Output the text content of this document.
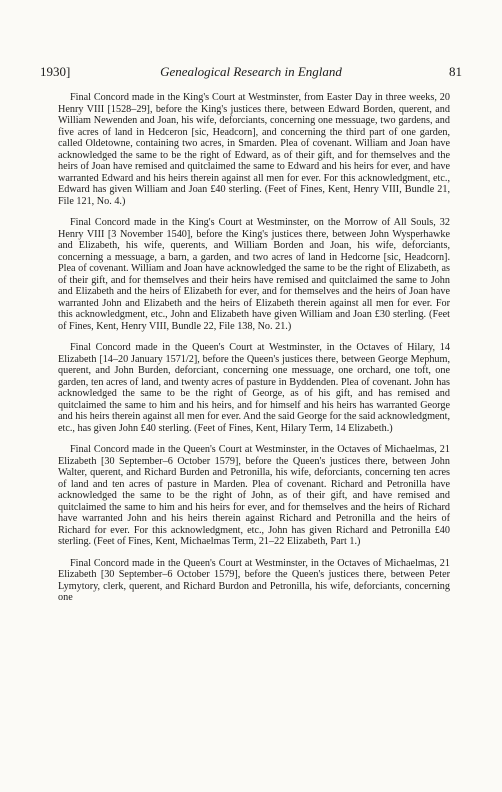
1930]	Genealogical Research in England	81

Final Concord made in the King's Court at Westminster, from Easter Day in three weeks, 20 Henry VIII [1528–29], before the King's justices there, between Edward Borden, querent, and William Newenden and Joan, his wife, deforciants, concerning one messuage, two gardens, and five acres of land in Hedceron [sic, Headcorn], and concerning the third part of one garden, called Oldetowne, containing two acres, in Smarden. Plea of covenant. William and Joan have acknowledged the same to be the right of Edward, as of their gift, and for themselves and the heirs of Joan have remised and quitclaimed the same to Edward and his heirs for ever, and have warranted Edward and his heirs therein against all men for ever. For this acknowledgment, etc., Edward has given William and Joan £40 sterling. (Feet of Fines, Kent, Henry VIII, Bundle 21, File 121, No. 4.)

Final Concord made in the King's Court at Westminster, on the Morrow of All Souls, 32 Henry VIII [3 November 1540], before the King's justices there, between John Wysperhawke and Elizabeth, his wife, querents, and William Borden and Joan, his wife, deforciants, concerning a messuage, a barn, a garden, and two acres of land in Hedcorne [sic, Headcorn]. Plea of covenant. William and Joan have acknowledged the same to be the right of Elizabeth, as of their gift, and for themselves and their heirs have remised and quitclaimed the same to John and Elizabeth and the heirs of Elizabeth for ever, and for themselves and the heirs of Joan have warranted John and Elizabeth and the heirs of Elizabeth therein against all men for ever. For this acknowledgment, etc., John and Elizabeth have given William and Joan £30 sterling. (Feet of Fines, Kent, Henry VIII, Bundle 22, File 138, No. 21.)

Final Concord made in the Queen's Court at Westminster, in the Octaves of Hilary, 14 Elizabeth [14–20 January 1571/2], before the Queen's justices there, between George Mephum, querent, and John Burden, deforciant, concerning one messuage, one orchard, one toft, one garden, ten acres of land, and twenty acres of pasture in Byddenden. Plea of covenant. John has acknowledged the same to be the right of George, as of his gift, and has remised and quitclaimed the same to him and his heirs, and for himself and his heirs has warranted George and his heirs therein against all men for ever. And the said George for the said acknowledgment, etc., has given John £40 sterling. (Feet of Fines, Kent, Hilary Term, 14 Elizabeth.)

Final Concord made in the Queen's Court at Westminster, in the Octaves of Michaelmas, 21 Elizabeth [30 September–6 October 1579], before the Queen's justices there, between John Walter, querent, and Richard Burden and Petronilla, his wife, deforciants, concerning ten acres of land and ten acres of pasture in Marden. Plea of covenant. Richard and Petronilla have acknowledged the same to be the right of John, as of their gift, and have remised and quitclaimed the same to him and his heirs for ever, and for themselves and the heirs of Richard have warranted John and his heirs therein against Richard and Petronilla and the heirs of Richard for ever. For this acknowledgment, etc., John has given Richard and Petronilla £40 sterling. (Feet of Fines, Kent, Michaelmas Term, 21–22 Elizabeth, Part 1.)

Final Concord made in the Queen's Court at Westminster, in the Octaves of Michaelmas, 21 Elizabeth [30 September–6 October 1579], before the Queen's justices there, between Peter Lymytory, clerk, querent, and Richard Burdon and Petronilla, his wife, deforciants, concerning one
